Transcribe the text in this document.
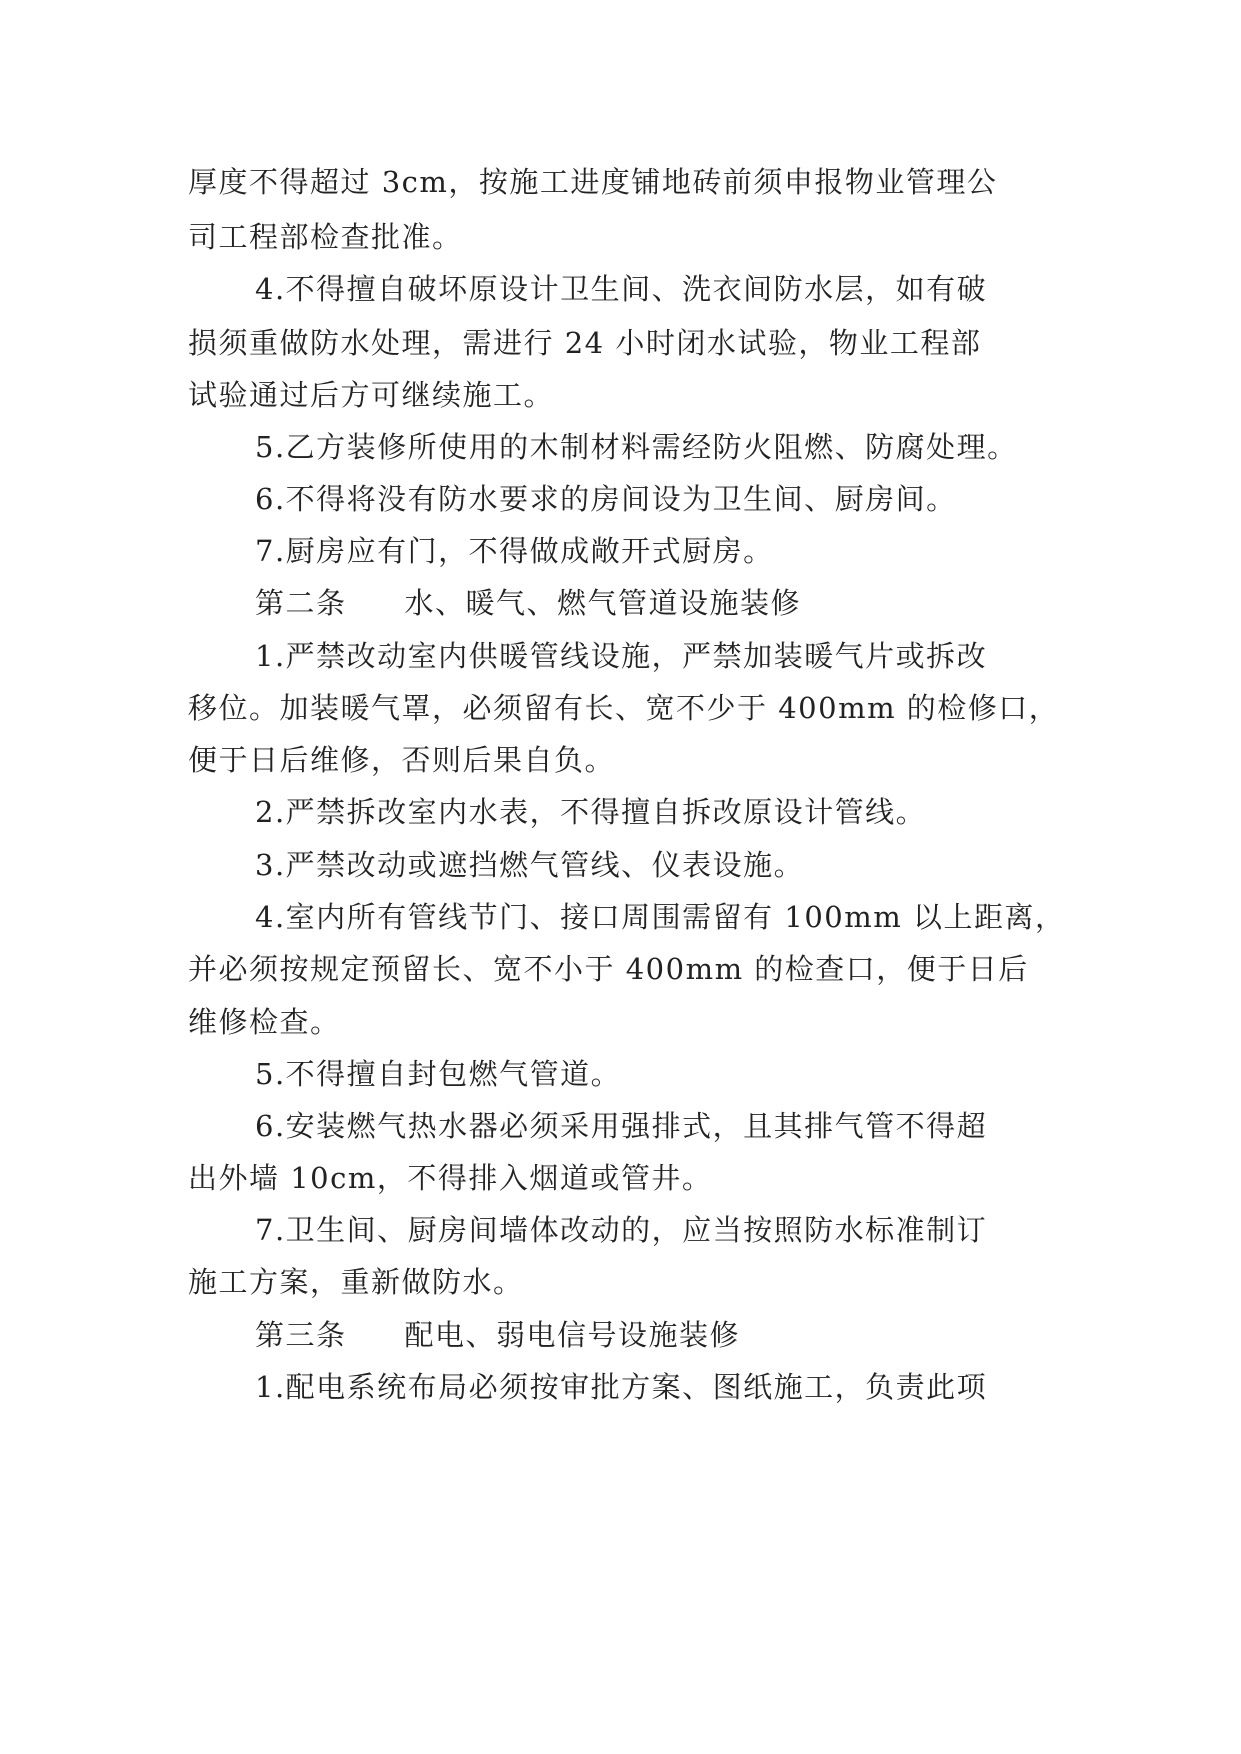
厚度不得超过 3cm，按施工进度铺地砖前须申报物业管理公
司工程部检查批准。
4.不得擅自破坏原设计卫生间、洗衣间防水层，如有破
损须重做防水处理，需进行 24 小时闭水试验，物业工程部
试验通过后方可继续施工。
5.乙方装修所使用的木制材料需经防火阻燃、防腐处理。
6.不得将没有防水要求的房间设为卫生间、厨房间。
7.厨房应有门，不得做成敞开式厨房。
第二条 水、暖气、燃气管道设施装修
1.严禁改动室内供暖管线设施，严禁加装暖气片或拆改
移位。加装暖气罩，必须留有长、宽不少于 400mm 的检修口，
便于日后维修，否则后果自负。
2.严禁拆改室内水表，不得擅自拆改原设计管线。
3.严禁改动或遮挡燃气管线、仪表设施。
4.室内所有管线节门、接口周围需留有 100mm 以上距离，
并必须按规定预留长、宽不小于 400mm 的检查口，便于日后
维修检查。
5.不得擅自封包燃气管道。
6.安装燃气热水器必须采用强排式，且其排气管不得超
出外墙 10cm，不得排入烟道或管井。
7.卫生间、厨房间墙体改动的，应当按照防水标准制订
施工方案，重新做防水。
第三条 配电、弱电信号设施装修
1.配电系统布局必须按审批方案、图纸施工，负责此项
